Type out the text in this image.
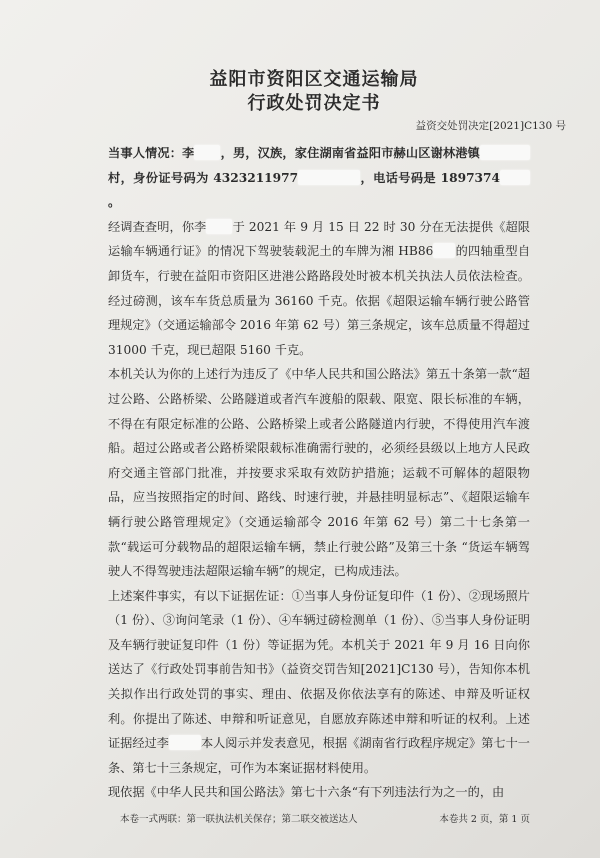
益阳市资阳区交通运输局
行政处罚决定书
益资交处罚决定[2021]C130 号

当事人情况：李 ，男，汉族，家住湖南省益阳市赫山区谢林港镇村，身份证号码为 4323211977	，电话号码是 1897374。

经调查查明，你李 于 2021 年 9 月 15 日 22 时 30 分在无法提供《超限运输车辆通行证》的情况下驾驶装载泥土的车牌为湘 HB86 的四轴重型自卸货车，行驶在益阳市资阳区进港公路路段处时被本机关执法人员依法检查。经过磅测，该车车货总质量为 36160 千克。依据《超限运输车辆行驶公路管理规定》（交通运输部令 2016 年第 62 号）第三条规定，该车总质量不得超过 31000 千克，现已超限 5160 千克。

本机关认为你的上述行为违反了《中华人民共和国公路法》第五十条第一款“超过公路、公路桥梁、公路隧道或者汽车渡船的限载、限宽、限长标准的车辆，不得在有限定标准的公路、公路桥梁上或者公路隧道内行驶，不得使用汽车渡船。超过公路或者公路桥梁限载标准确需行驶的，必须经县级以上地方人民政府交通主管部门批准，并按要求采取有效防护措施；运载不可解体的超限物品，应当按照指定的时间、路线、时速行驶，并悬挂明显标志”、《超限运输车辆行驶公路管理规定》（交通运输部令 2016 年第 62 号）第二十七条第一款“载运可分载物品的超限运输车辆，禁止行驶公路”及第三十条 “货运车辆驾驶人不得驾驶违法超限运输车辆”的规定，已构成违法。

上述案件事实，有以下证据佐证：①当事人身份证复印件（1 份）、②现场照片（1 份）、③询问笔录（1 份）、④车辆过磅检测单（1 份）、⑤当事人身份证明及车辆行驶证复印件（1 份）等证据为凭。本机关于 2021 年 9 月 16 日向你送达了《行政处罚事前告知书》（益资交罚告知[2021]C130 号），告知你本机关拟作出行政处罚的事实、理由、依据及你依法享有的陈述、申辩及听证权利。你提出了陈述、申辩和听证意见，自愿放弃陈述申辩和听证的权利。上述证据经过李	本人阅示并发表意见，根据《湖南省行政程序规定》第七十一条、第七十三条规定，可作为本案证据材料使用。

现依据《中华人民共和国公路法》第七十六条“有下列违法行为之一的，由

本卷一式两联：第一联执法机关保存；第二联交被送达人	本卷共 2 页，第 1 页
